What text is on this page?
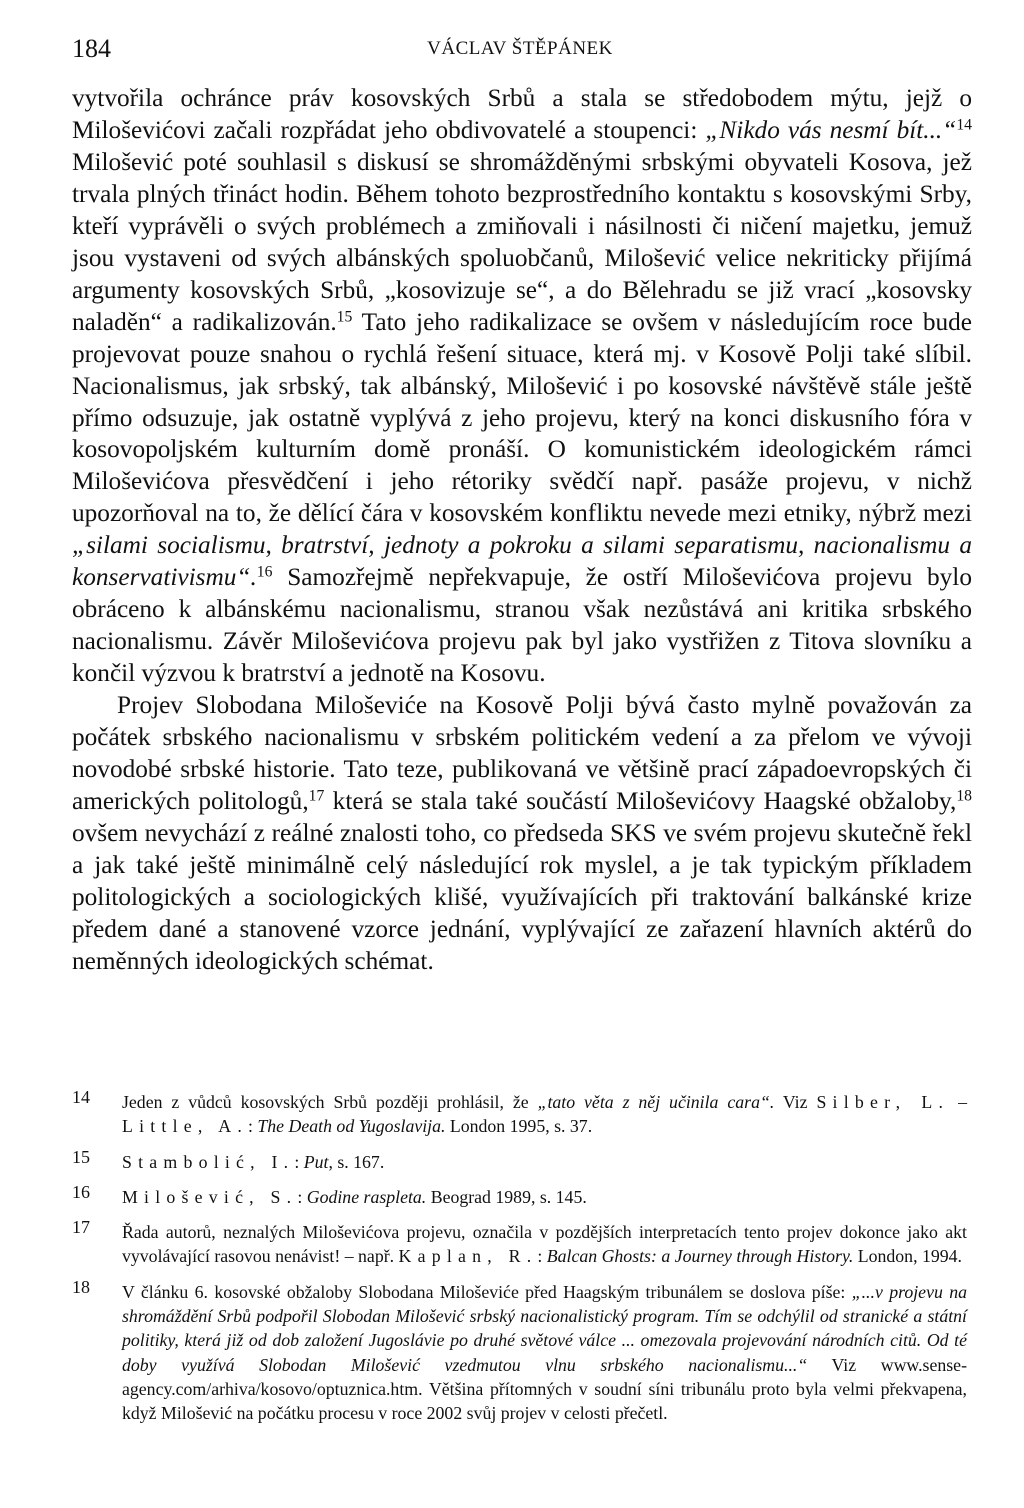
184	VÁCLAV ŠTĚPÁNEK

vytvořila ochránce práv kosovských Srbů a stala se středobodem mýtu, jejž o Miloševićovi začali rozpřádat jeho obdivovatelé a stoupenci: „Nikdo vás nesmí bít...“$^{14}$ Milošević poté souhlasil s diskusí se shromážděnými srbskými obyvateli Kosova, jež trvala plných třináct hodin. Během tohoto bezprostředního kontaktu s kosovskými Srby, kteří vyprávěli o svých problémech a zmiňovali i násilnosti či ničení majetku, jemuž jsou vystaveni od svých albánských spoluobčanů, Milošević velice nekriticky přijímá argumenty kosovských Srbů, „kosovizuje se“, a do Bělehradu se již vrací „kosovsky naladěn“ a radikalizován.$^{15}$ Tato jeho radikalizace se ovšem v následujícím roce bude projevovat pouze snahou o rychlá řešení situace, která mj. v Kosově Polji také slíbil. Nacionalismus, jak srbský, tak albánský, Milošević i po kosovské návštěvě stále ještě přímo odsuzuje, jak ostatně vyplývá z jeho projevu, který na konci diskusního fóra v kosovopoljském kulturním domě pronáší. O komunistickém ideologickém rámci Miloševićova přesvědčení i jeho rétoriky svědčí např. pasáže projevu, v nichž upozorňoval na to, že dělící čára v kosovském konfliktu nevede mezi etniky, nýbrž mezi „silami socialismu, bratrství, jednoty a pokroku a silami separatismu, nacionalismu a konservativismu“.$^{16}$ Samozřejmě nepřekvapuje, že ostří Miloševićova projevu bylo obráceno k albánskému nacionalismu, stranou však nezůstává ani kritika srbského nacionalismu. Závěr Miloševićova projevu pak byl jako vystřižen z Titova slovníku a končil výzvou k bratrství a jednotě na Kosovu.

Projev Slobodana Miloševiće na Kosově Polji bývá často mylně považován za počátek srbského nacionalismu v srbském politickém vedení a za přelom ve vývoji novodobé srbské historie. Tato teze, publikovaná ve většině prací západoevropských či amerických politologů,$^{17}$ která se stala také součástí Miloševićovy Haagské obžaloby,$^{18}$ ovšem nevychází z reálné znalosti toho, co předseda SKS ve svém projevu skutečně řekl a jak také ještě minimálně celý následující rok myslel, a je tak typickým příkladem politologických a sociologických klišé, využívajících při traktování balkánské krize předem dané a stanovené vzorce jednání, vyplývající ze zařazení hlavních aktérů do neměnných ideologických schémat.

14 Jeden z vůdců kosovských Srbů později prohlásil, že „tato věta z něj učinila cara“. Viz Silber, L. – Little, A.: The Death od Yugoslavija. London 1995, s. 37.
15 Stambolić, I.: Put, s. 167.
16 Milošević, S.: Godine raspleta. Beograd 1989, s. 145.
17 Řada autorů, neznalých Miloševićova projevu, označila v pozdějších interpretacích tento projev dokonce jako akt vyvolávající rasovou nenávist! – např. Kaplan, R.: Balcan Ghosts: a Journey through History. London, 1994.
18 V článku 6. kosovské obžaloby Slobodana Miloševiće před Haagským tribunálem se doslova píše: „...v projevu na shromáždění Srbů podpořil Slobodan Milošević srbský nacionalistický program. Tím se odchýlil od stranické a státní politiky, která již od dob založení Jugoslávie po druhé světové válce ... omezovala projevování národních citů. Od té doby využívá Slobodan Milošević vzedmutou vlnu srbského nacionalismu...“ Viz www.sense-agency.com/arhiva/kosovo/optuznica.htm. Většina přítomných v soudní síni tribunálu proto byla velmi překvapena, když Milošević na počátku procesu v roce 2002 svůj projev v celosti přečetl.
